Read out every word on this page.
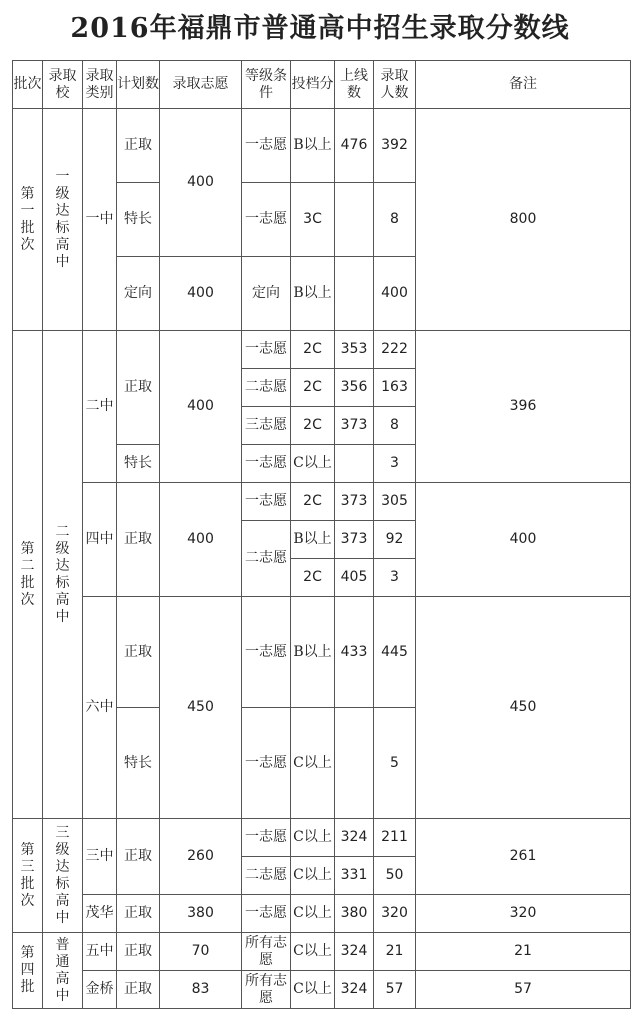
2016年福鼎市普通高中招生录取分数线
批次	录取校	录取类别	计划数	录取志愿	等级条件	投档分	上线数	录取人数	备注	
第一批次	一级达标高中	一中	正取	400	一志愿	B以上	476	392	800	
			特长		一志愿	3C		8		
			定向	400	定向	B以上		400		
第二批次	二级达标高中	二中	正取	400	一志愿	2C	353	222	396	
					二志愿	2C	356	163		
					三志愿	2C	373	8		
			特长		一志愿	C以上		3		
		四中	正取	400	一志愿	2C	373	305	400	
					二志愿	B以上	373	92		
						2C	405	3		
		六中	正取	450	一志愿	B以上	433	445	450	
			特长		一志愿	C以上		5		
第三批次	三级达标高中	三中	正取	260	一志愿	C以上	324	211	261	
					二志愿	C以上	331	50		
		茂华	正取	380	一志愿	C以上	380	320	320	
第四批	普通高中	五中	正取	70	所有志愿	C以上	324	21	21	
		金桥	正取	83	所有志愿	C以上	324	57	57	
